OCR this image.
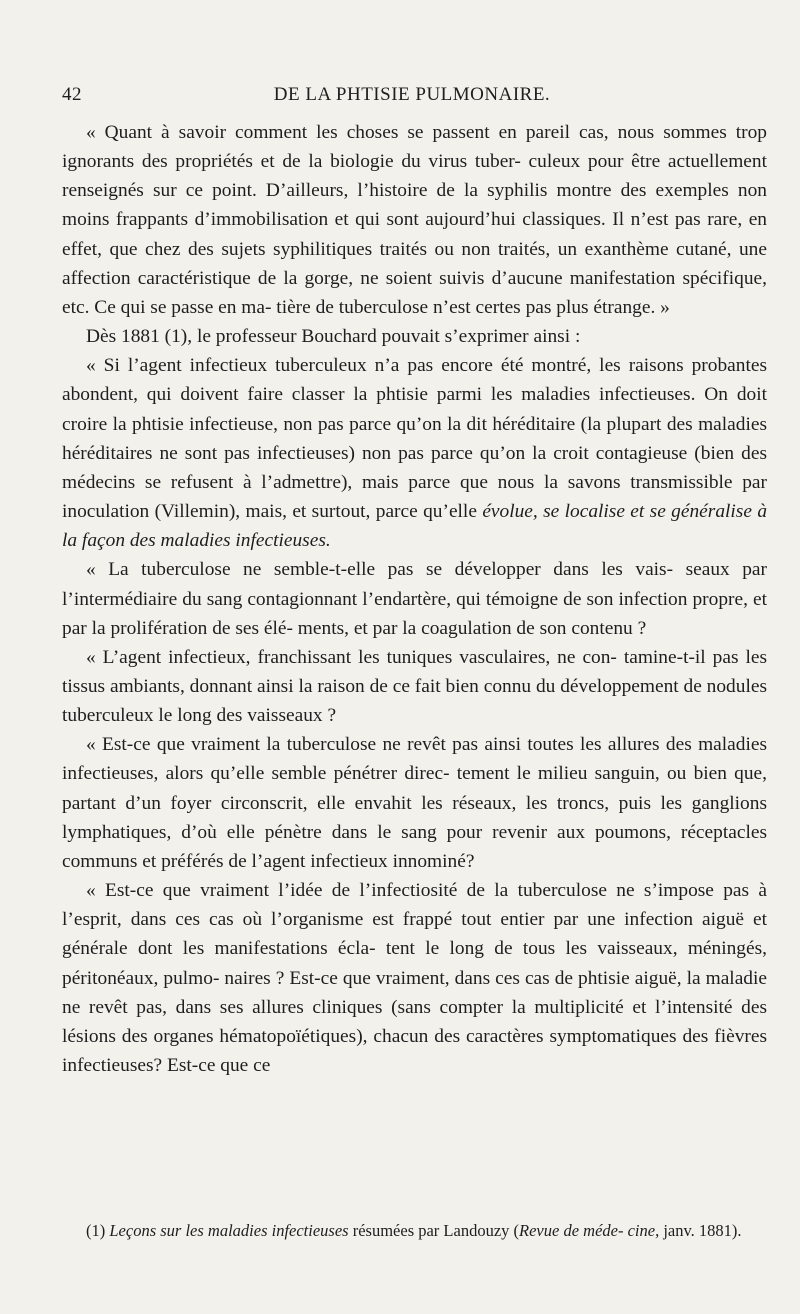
42	DE LA PHTISIE PULMONAIRE.

« Quant à savoir comment les choses se passent en pareil cas, nous sommes trop ignorants des propriétés et de la biologie du virus tuber- culeux pour être actuellement renseignés sur ce point. D’ailleurs, l’histoire de la syphilis montre des exemples non moins frappants d’immobilisation et qui sont aujourd’hui classiques. Il n’est pas rare, en effet, que chez des sujets syphilitiques traités ou non traités, un exanthème cutané, une affection caractéristique de la gorge, ne soient suivis d’aucune manifestation spécifique, etc. Ce qui se passe en ma- tière de tuberculose n’est certes pas plus étrange. »

Dès 1881 (1), le professeur Bouchard pouvait s’exprimer ainsi :

« Si l’agent infectieux tuberculeux n’a pas encore été montré, les raisons probantes abondent, qui doivent faire classer la phtisie parmi les maladies infectieuses. On doit croire la phtisie infectieuse, non pas parce qu’on la dit héréditaire (la plupart des maladies héréditaires ne sont pas infectieuses) non pas parce qu’on la croit contagieuse (bien des médecins se refusent à l’admettre), mais parce que nous la savons transmissible par inoculation (Villemin), mais, et surtout, parce qu’elle évolue, se localise et se généralise à la façon des maladies infectieuses.

« La tuberculose ne semble-t-elle pas se développer dans les vais- seaux par l’intermédiaire du sang contagionnant l’endartère, qui témoigne de son infection propre, et par la prolifération de ses élé- ments, et par la coagulation de son contenu ?

« L’agent infectieux, franchissant les tuniques vasculaires, ne con- tamine-t-il pas les tissus ambiants, donnant ainsi la raison de ce fait bien connu du développement de nodules tuberculeux le long des vaisseaux ?

« Est-ce que vraiment la tuberculose ne revêt pas ainsi toutes les allures des maladies infectieuses, alors qu’elle semble pénétrer direc- tement le milieu sanguin, ou bien que, partant d’un foyer circonscrit, elle envahit les réseaux, les troncs, puis les ganglions lymphatiques, d’où elle pénètre dans le sang pour revenir aux poumons, réceptacles communs et préférés de l’agent infectieux innominé?

« Est-ce que vraiment l’idée de l’infectiosité de la tuberculose ne s’impose pas à l’esprit, dans ces cas où l’organisme est frappé tout entier par une infection aiguë et générale dont les manifestations écla- tent le long de tous les vaisseaux, méningés, péritonéaux, pulmo- naires ? Est-ce que vraiment, dans ces cas de phtisie aiguë, la maladie ne revêt pas, dans ses allures cliniques (sans compter la multiplicité et l’intensité des lésions des organes hématopoïétiques), chacun des caractères symptomatiques des fièvres infectieuses? Est-ce que ce

(1) Leçons sur les maladies infectieuses résumées par Landouzy (Revue de méde- cine, janv. 1881).
